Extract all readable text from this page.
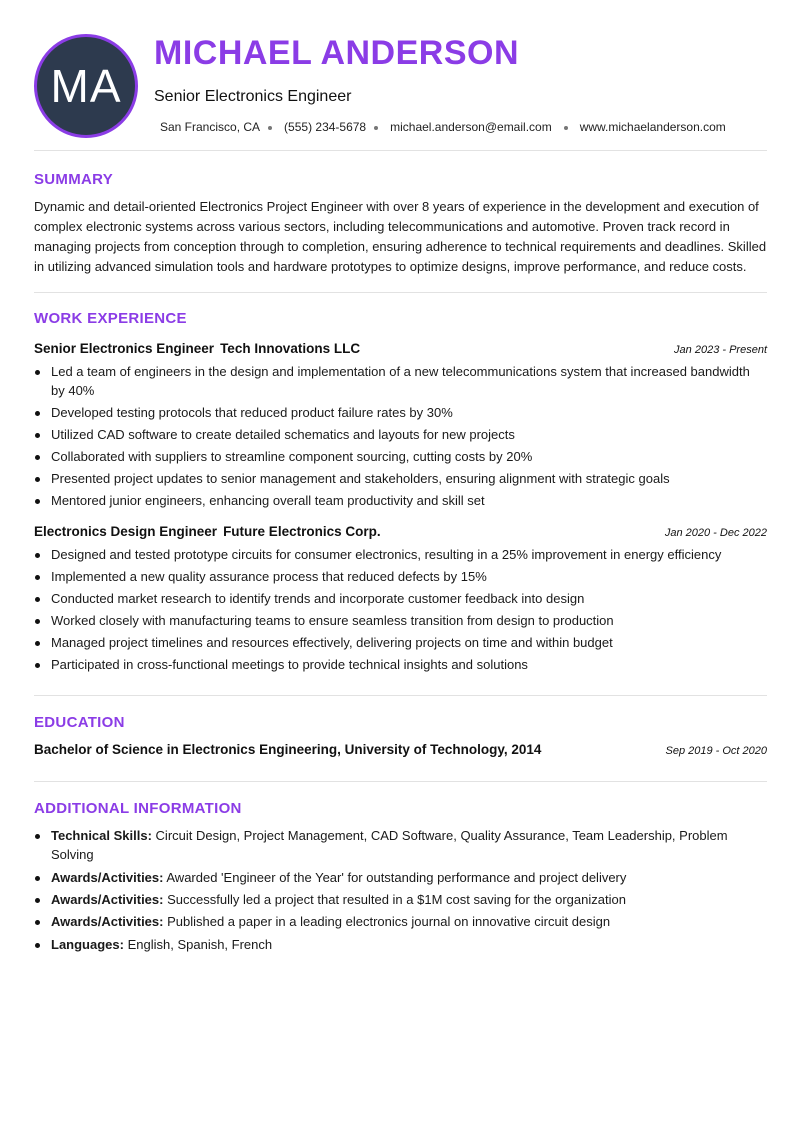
MA
MICHAEL ANDERSON
Senior Electronics Engineer
San Francisco, CA (555) 234-5678 michael.anderson@email.com www.michaelanderson.com
SUMMARY

Dynamic and detail-oriented Electronics Project Engineer with over 8 years of experience in the development and execution of complex electronic systems across various sectors, including telecommunications and automotive. Proven track record in managing projects from conception through to completion, ensuring adherence to technical requirements and deadlines. Skilled in utilizing advanced simulation tools and hardware prototypes to optimize designs, improve performance, and reduce costs.

WORK EXPERIENCE
Senior Electronics Engineer Tech Innovations LLC	Jan 2023 - Present
Led a team of engineers in the design and implementation of a new telecommunications system that increased bandwidth by 40%
Developed testing protocols that reduced product failure rates by 30%
Utilized CAD software to create detailed schematics and layouts for new projects
Collaborated with suppliers to streamline component sourcing, cutting costs by 20%
Presented project updates to senior management and stakeholders, ensuring alignment with strategic goals
Mentored junior engineers, enhancing overall team productivity and skill set
Electronics Design Engineer Future Electronics Corp.	Jan 2020 - Dec 2022
Designed and tested prototype circuits for consumer electronics, resulting in a 25% improvement in energy efficiency
Implemented a new quality assurance process that reduced defects by 15%
Conducted market research to identify trends and incorporate customer feedback into design
Worked closely with manufacturing teams to ensure seamless transition from design to production
Managed project timelines and resources effectively, delivering projects on time and within budget
Participated in cross-functional meetings to provide technical insights and solutions
EDUCATION
Bachelor of Science in Electronics Engineering, University of Technology, 2014	Sep 2019 - Oct 2020
ADDITIONAL INFORMATION
Technical Skills: Circuit Design, Project Management, CAD Software, Quality Assurance, Team Leadership, Problem Solving
Awards/Activities: Awarded 'Engineer of the Year' for outstanding performance and project delivery
Awards/Activities: Successfully led a project that resulted in a $1M cost saving for the organization
Awards/Activities: Published a paper in a leading electronics journal on innovative circuit design
Languages: English, Spanish, French
